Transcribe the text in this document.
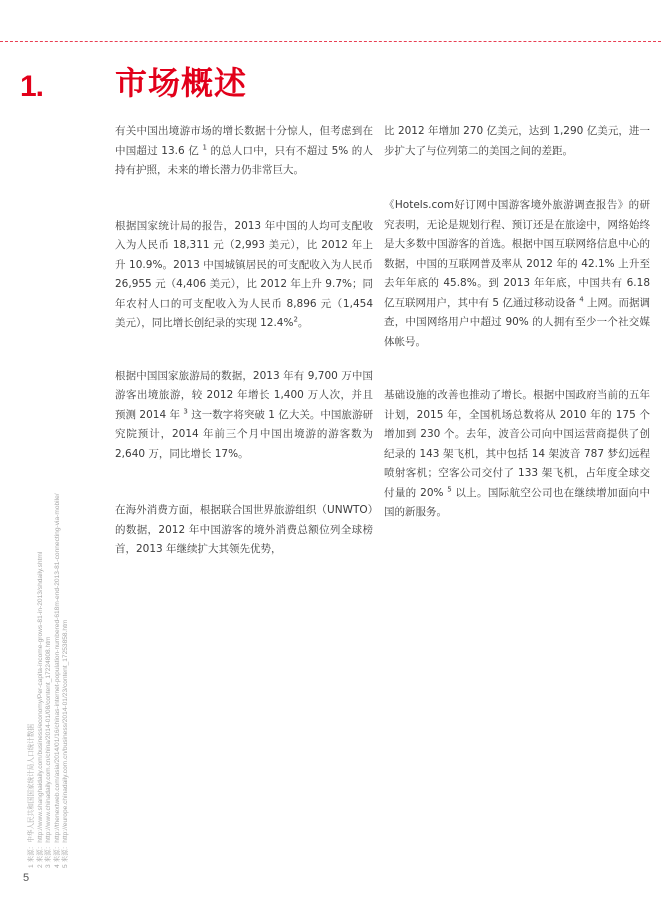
1. 市场概述

有关中国出境游市场的增长数据十分惊人，但考虑到在中国超过 13.6 亿 $^1$ 的总人口中，只有不超过 5% 的人持有护照，未来的增长潜力仍非常巨大。

根据国家统计局的报告，2013 年中国的人均可支配收入为人民币 18,311 元（2,993 美元），比 2012 年上升 10.9%。2013 中国城镇居民的可支配收入为人民币 26,955 元（4,406 美元），比 2012 年上升 9.7%；同年农村人口的可支配收入为人民币 8,896 元（1,454 美元），同比增长创纪录的实现 12.4%$^2$。

根据中国国家旅游局的数据，2013 年有 9,700 万中国游客出境旅游，较 2012 年增长 1,400 万人次，并且预测 2014 年 $^3$ 这一数字将突破 1 亿大关。中国旅游研究院预计，2014 年前三个月中国出境游的游客数为 2,640 万，同比增长 17%。

在海外消费方面，根据联合国世界旅游组织（UNWTO）的数据，2012 年中国游客的境外消费总额位列全球榜首，2013 年继续扩大其领先优势，

比 2012 年增加 270 亿美元，达到 1,290 亿美元，进一步扩大了与位列第二的美国之间的差距。

《Hotels.com好订网中国游客境外旅游调查报告》的研究表明，无论是规划行程、预订还是在旅途中，网络始终是大多数中国游客的首选。根据中国互联网络信息中心的数据，中国的互联网普及率从 2012 年的 42.1% 上升至去年年底的 45.8%。到 2013 年年底，中国共有 6.18 亿互联网用户，其中有 5 亿通过移动设备 $^4$ 上网。而据调查，中国网络用户中超过 90% 的人拥有至少一个社交媒体帐号。

基础设施的改善也推动了增长。根据中国政府当前的五年计划，2015 年，全国机场总数将从 2010 年的 175 个增加到 230 个。去年，波音公司向中国运营商提供了创纪录的 143 架飞机，其中包括 14 架波音 787 梦幻远程喷射客机；空客公司交付了 133 架飞机，占年度全球交付量的 20% $^5$ 以上。国际航空公司也在继续增加面向中国的新服务。

1 来源：中华人民共和国国家统计局人口统计数据 2 来源：http://www.shanghaidaily.com/business/economy/Per-capita-income-grows-81-in-2013/shdaily.shtml 3 来源：http://www.chinadaily.com.cn/china/2014-01/08/content_17224808.htm 4 来源：http://thenextweb.com/asia/2014/01/16/chinas-internet-population-numbered-618m-end-2013-81-connecting-via-mobile/ 5 来源：http://europe.chinadaily.com.cn/business/2014-01/23/content_17253858.htm
5
